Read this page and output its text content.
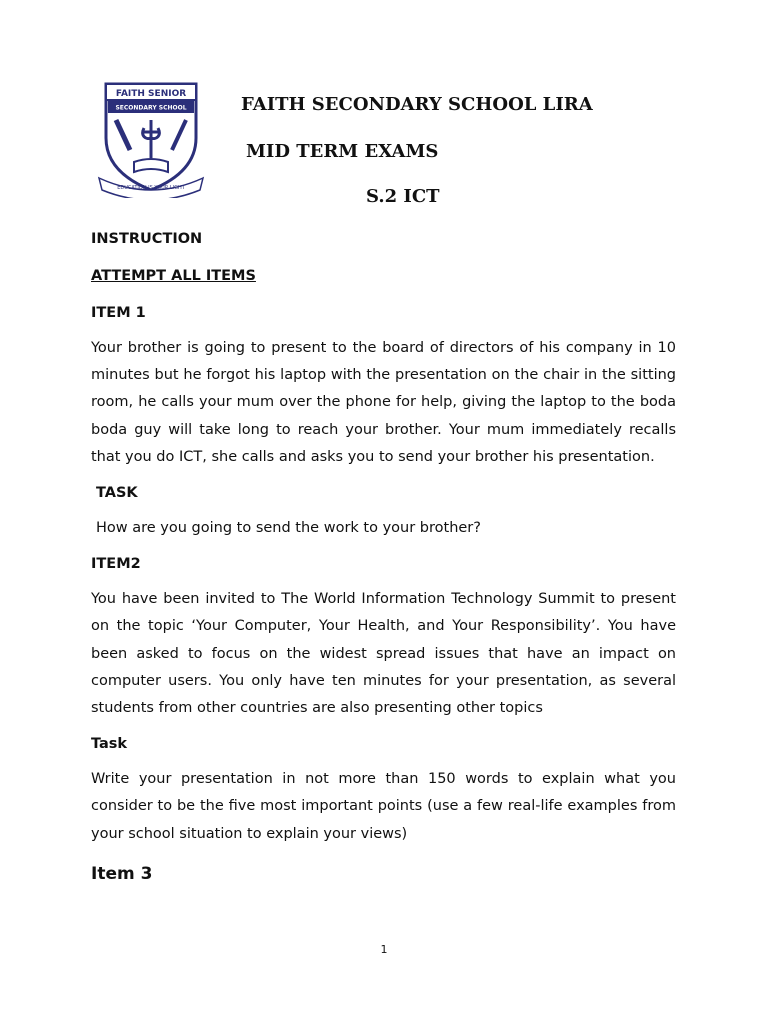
FAITH SENIOR
SECONDARY SCHOOL
EDUCATION IS YOUR LIGHT
FAITH SECONDARY SCHOOL LIRA
MID TERM EXAMS
S.2 ICT

INSTRUCTION

ATTEMPT ALL ITEMS

ITEM 1

Your brother is going to present to the board of directors of his company in 10 minutes but he forgot his laptop with the presentation on the chair in the sitting room, he calls your mum over the phone for help, giving the laptop to the boda boda guy will take long to reach your brother. Your mum immediately recalls that you do ICT, she calls and asks you to send your brother his presentation.

TASK

How are you going to send the work to your brother?

ITEM2

You have been invited to The World Information Technology Summit to present on the topic ‘Your Computer, Your Health, and Your Responsibility’. You have been asked to focus on the widest spread issues that have an impact on computer users. You only have ten minutes for your presentation, as several students from other countries are also presenting other topics

Task

Write your presentation in not more than 150 words to explain what you consider to be the five most important points (use a few real-life examples from your school situation to explain your views)

Item 3

1
